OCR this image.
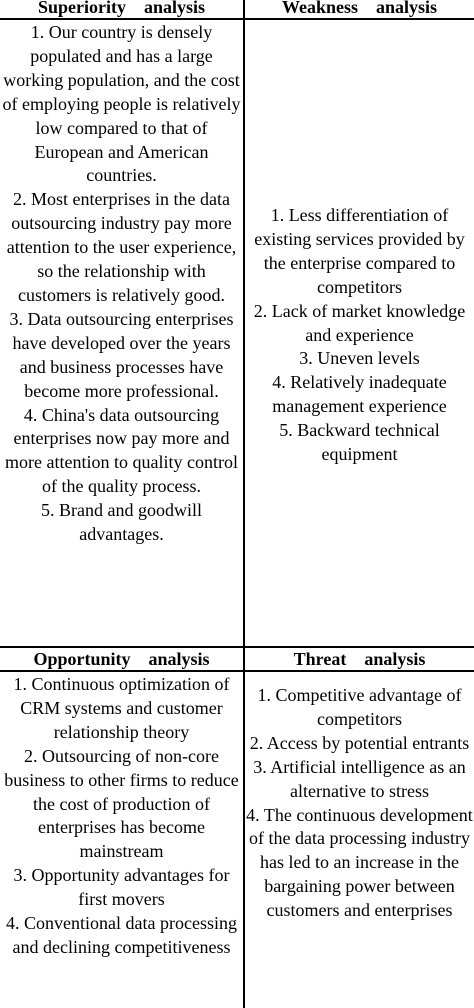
Superiority    analysis	Weakness    analysis
1. Our country is densely populated and has a large working population, and the cost of employing people is relatively low compared to that of European and American countries.
2. Most enterprises in the data outsourcing industry pay more attention to the user experience, so the relationship with customers is relatively good.
3. Data outsourcing enterprises have developed over the years and business processes have become more professional.
4. China's data outsourcing enterprises now pay more and more attention to quality control of the quality process.
5. Brand and goodwill advantages.
1. Less differentiation of existing services provided by the enterprise compared to competitors
2. Lack of market knowledge and experience
3. Uneven levels
4. Relatively inadequate management experience
5. Backward technical equipment
Opportunity    analysis	Threat    analysis
1. Continuous optimization of CRM systems and customer relationship theory
2. Outsourcing of non-core business to other firms to reduce the cost of production of enterprises has become mainstream
3. Opportunity advantages for first movers
4. Conventional data processing and declining competitiveness
1. Competitive advantage of competitors
2. Access by potential entrants
3. Artificial intelligence as an alternative to stress
4. The continuous development of the data processing industry has led to an increase in the bargaining power between customers and enterprises
